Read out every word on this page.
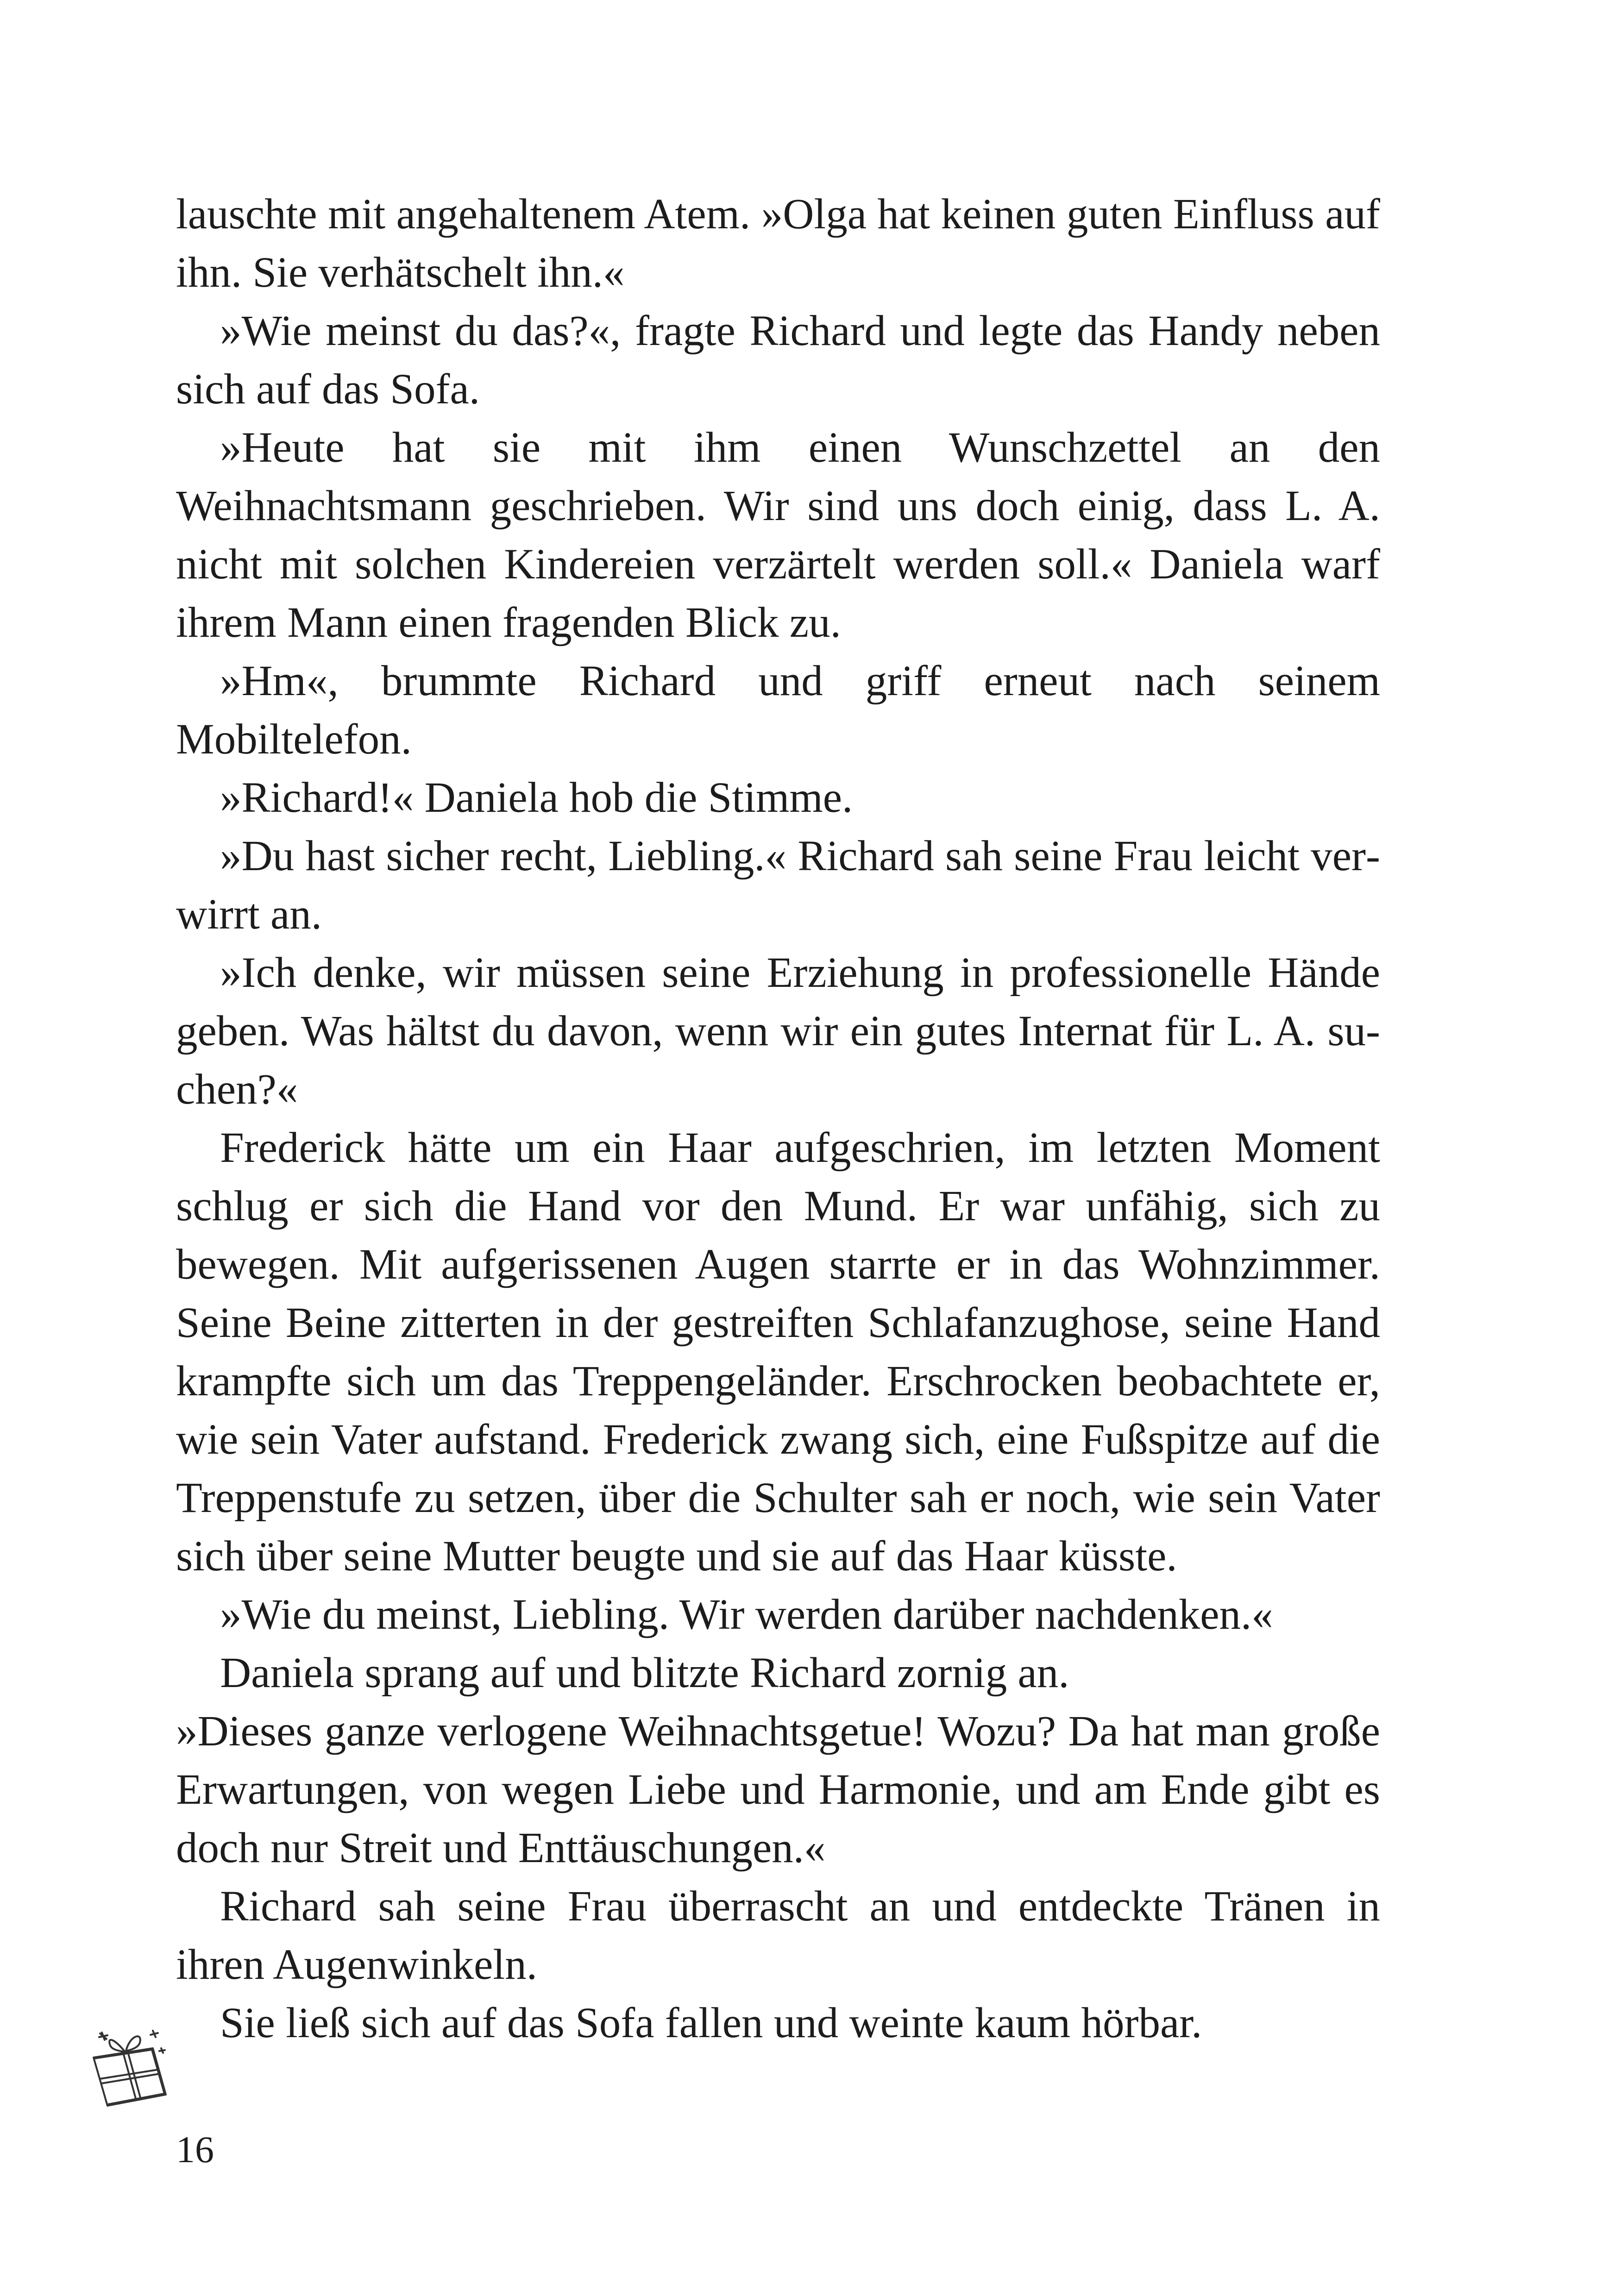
lauschte mit angehaltenem Atem. »Olga hat keinen guten Einfluss auf ihn. Sie verhätschelt ihn.«

»Wie meinst du das?«, fragte Richard und legte das Handy neben sich auf das Sofa.

»Heute hat sie mit ihm einen Wunschzettel an den Weihnachtsmann geschrieben. Wir sind uns doch einig, dass L. A. nicht mit solchen Kindereien verzärtelt werden soll.« Daniela warf ihrem Mann einen fragenden Blick zu.

»Hm«, brummte Richard und griff erneut nach seinem Mobiltelefon.

»Richard!« Daniela hob die Stimme.

»Du hast sicher recht, Liebling.« Richard sah seine Frau leicht verwirrt an.

»Ich denke, wir müssen seine Erziehung in professionelle Hände geben. Was hältst du davon, wenn wir ein gutes Internat für L. A. suchen?«

Frederick hätte um ein Haar aufgeschrien, im letzten Moment schlug er sich die Hand vor den Mund. Er war unfähig, sich zu bewegen. Mit aufgerissenen Augen starrte er in das Wohnzimmer. Seine Beine zitterten in der gestreiften Schlafanzughose, seine Hand krampfte sich um das Treppengeländer. Erschrocken beobachtete er, wie sein Vater aufstand. Frederick zwang sich, eine Fußspitze auf die Treppenstufe zu setzen, über die Schulter sah er noch, wie sein Vater sich über seine Mutter beugte und sie auf das Haar küsste.

»Wie du meinst, Liebling. Wir werden darüber nachdenken.«

Daniela sprang auf und blitzte Richard zornig an.

»Dieses ganze verlogene Weihnachtsgetue! Wozu? Da hat man große Erwartungen, von wegen Liebe und Harmonie, und am Ende gibt es doch nur Streit und Enttäuschungen.«

Richard sah seine Frau überrascht an und entdeckte Tränen in ihren Augenwinkeln.

Sie ließ sich auf das Sofa fallen und weinte kaum hörbar.

16
